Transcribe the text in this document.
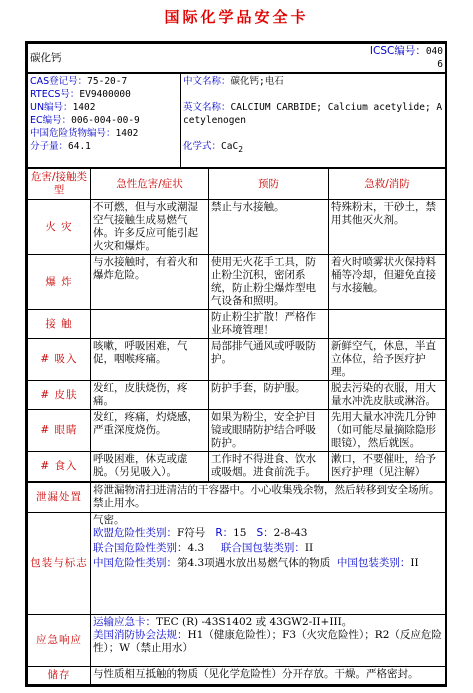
国际化学品安全卡
碳化钙	ICSC编号：0406
CAS登记号：75-20-7
RTECS号：EV9400000
UN编号：1402
EC编号：006-004-00-9
中国危险货物编号：1402
分子量：64.1

中文名称：碳化钙;电石
英文名称：CALCIUM CARBIDE; Calcium acetylide; Acetylenogen
化学式：CaC$_2$
危害/接触类型	急性危害/症状	预防	急救/消防
火 灾	不可燃，但与水或潮湿空气接触生成易燃气体。许多反应可能引起火灾和爆炸。	禁止与水接触。	特殊粉末，干砂土，禁用其他灭火剂。
爆 炸	与水接触时，有着火和爆炸危险。	使用无火花手工具，防止粉尘沉积，密闭系统，防止粉尘爆炸型电气设备和照明。	着火时喷雾状火保持料桶等冷却，但避免直接与水接触。
接 触		防止粉尘扩散！严格作业环境管理！	
# 吸入	咳嗽，呼吸困难，气促，咽喉疼痛。	局部排气通风或呼吸防护。	新鲜空气，休息，半直立体位，给予医疗护理。
# 皮肤	发红，皮肤烧伤，疼痛。	防护手套，防护服。	脱去污染的衣服，用大量水冲洗皮肤或淋浴。
# 眼睛	发红，疼痛，灼烧感，严重深度烧伤。	如果为粉尘，安全护目镜或眼睛防护结合呼吸防护。	先用大量水冲洗几分钟（如可能尽量摘除隐形眼镜），然后就医。
# 食入	呼吸困难，休克或虚脱。（另见吸入）。	工作时不得进食、饮水或吸烟。进食前洗手。	漱口，不要催吐，给予医疗护理（见注解）
泄漏处置	将泄漏物清扫进清洁的干容器中。小心收集残余物，然后转移到安全场所。禁止用水。
包装与标志	气密。
欧盟危险性类别：F符号 R：15 S：2-8-43
联合国危险性类别：4.3 联合国包装类别：II
中国危险性类别：第4.3项遇水放出易燃气体的物质 中国包装类别：II

应急响应	运输应急卡：TEC (R) -43S1402 或 43GW2-II+III。
美国消防协会法规：H1（健康危险性）；F3（火灾危险性）；R2（反应危险性）；W（禁止用水）

储存	与性质相互抵触的物质（见化学危险性）分开存放。干燥。严格密封。
